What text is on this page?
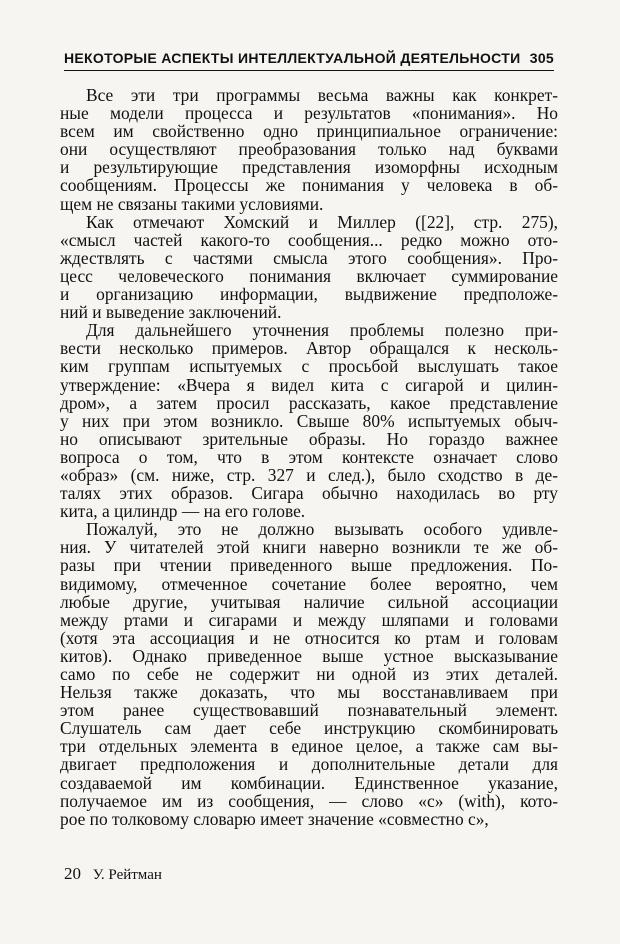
НЕКОТОРЫЕ АСПЕКТЫ ИНТЕЛЛЕКТУАЛЬНОЙ ДЕЯТЕЛЬНОСТИ 305
Все эти три программы весьма важны как конкрет-
ные модели процесса и результатов «понимания». Но
всем им свойственно одно принципиальное ограничение:
они осуществляют преобразования только над буквами
и результирующие представления изоморфны исходным
сообщениям. Процессы же понимания у человека в об-
щем не связаны такими условиями.
Как отмечают Хомский и Миллер ([22], стр. 275),
«смысл частей какого-то сообщения... редко можно ото-
ждествлять с частями смысла этого сообщения». Про-
цесс человеческого понимания включает суммирование
и организацию информации, выдвижение предположе-
ний и выведение заключений.
Для дальнейшего уточнения проблемы полезно при-
вести несколько примеров. Автор обращался к несколь-
ким группам испытуемых с просьбой выслушать такое
утверждение: «Вчера я видел кита с сигарой и цилин-
дром», а затем просил рассказать, какое представление
у них при этом возникло. Свыше 80% испытуемых обыч-
но описывают зрительные образы. Но гораздо важнее
вопроса о том, что в этом контексте означает слово
«образ» (см. ниже, стр. 327 и след.), было сходство в де-
талях этих образов. Сигара обычно находилась во рту
кита, а цилиндр — на его голове.
Пожалуй, это не должно вызывать особого удивле-
ния. У читателей этой книги наверно возникли те же об-
разы при чтении приведенного выше предложения. По-
видимому, отмеченное сочетание более вероятно, чем
любые другие, учитывая наличие сильной ассоциации
между ртами и сигарами и между шляпами и головами
(хотя эта ассоциация и не относится ко ртам и головам
китов). Однако приведенное выше устное высказывание
само по себе не содержит ни одной из этих деталей.
Нельзя также доказать, что мы восстанавливаем при
этом ранее существовавший познавательный элемент.
Слушатель сам дает себе инструкцию скомбинировать
три отдельных элемента в единое целое, а также сам вы-
двигает предположения и дополнительные детали для
создаваемой им комбинации. Единственное указание,
получаемое им из сообщения, — слово «с» (with), кото-
рое по толковому словарю имеет значение «совместно с»,
20 У. Рейтман
